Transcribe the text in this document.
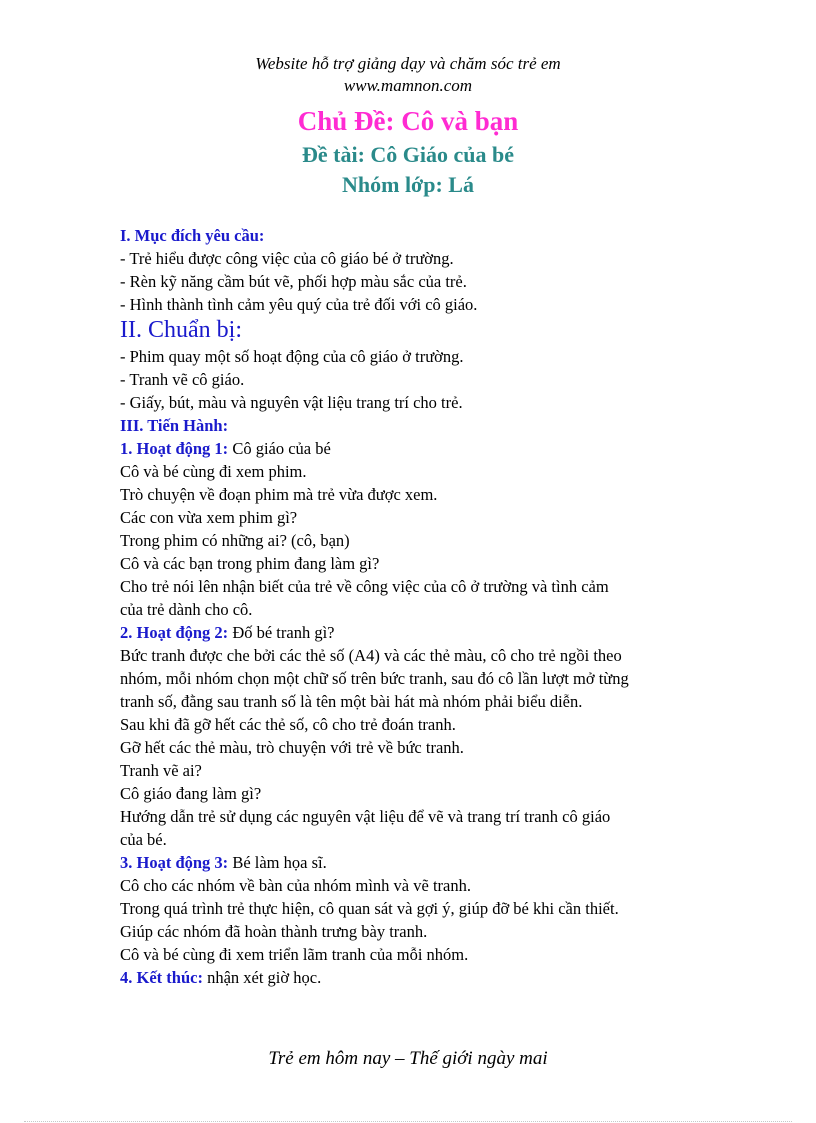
Website hỗ trợ giảng dạy và chăm sóc trẻ em
www.mamnon.com
Chủ Đề: Cô và bạn
Đề tài: Cô Giáo của bé
Nhóm lớp: Lá
I. Mục đích yêu cầu:
- Trẻ hiểu được công việc của cô giáo bé ở trường.
- Rèn kỹ năng cầm bút vẽ, phối hợp màu sắc của trẻ.
- Hình thành tình cảm yêu quý của trẻ đối với cô giáo.
II. Chuẩn bị:
- Phim quay một số hoạt động của cô giáo ở trường.
- Tranh vẽ cô giáo.
- Giấy, bút, màu và nguyên vật liệu trang trí cho trẻ.
III. Tiến Hành:
1. Hoạt động 1: Cô giáo của bé
Cô và bé cùng đi xem phim.
Trò chuyện về đoạn phim mà trẻ vừa được xem.
Các con vừa xem phim gì?
Trong phim có những ai? (cô, bạn)
Cô và các bạn trong phim đang làm gì?
Cho trẻ nói lên nhận biết của trẻ về công việc của cô ở trường và tình cảm
của trẻ dành cho cô.
2. Hoạt động 2: Đố bé tranh gì?
Bức tranh được che bởi các thẻ số (A4) và các thẻ màu, cô cho trẻ ngồi theo
nhóm, mỗi nhóm chọn một chữ số trên bức tranh, sau đó cô lần lượt mở từng
tranh số, đằng sau tranh số là tên một bài hát mà nhóm phải biểu diễn.
Sau khi đã gỡ hết các thẻ số, cô cho trẻ đoán tranh.
Gỡ hết các thẻ màu, trò chuyện với trẻ về bức tranh.
Tranh vẽ ai?
Cô giáo đang làm gì?
Hướng dẫn trẻ sử dụng các nguyên vật liệu để vẽ và trang trí tranh cô giáo
của bé.
3. Hoạt động 3: Bé làm họa sĩ.
Cô cho các nhóm về bàn của nhóm mình và vẽ tranh.
Trong quá trình trẻ thực hiện, cô quan sát và gợi ý, giúp đỡ bé khi cần thiết.
Giúp các nhóm đã hoàn thành trưng bày tranh.
Cô và bé cùng đi xem triển lãm tranh của mỗi nhóm.
4. Kết thúc: nhận xét giờ học.
Trẻ em hôm nay – Thế giới ngày mai
